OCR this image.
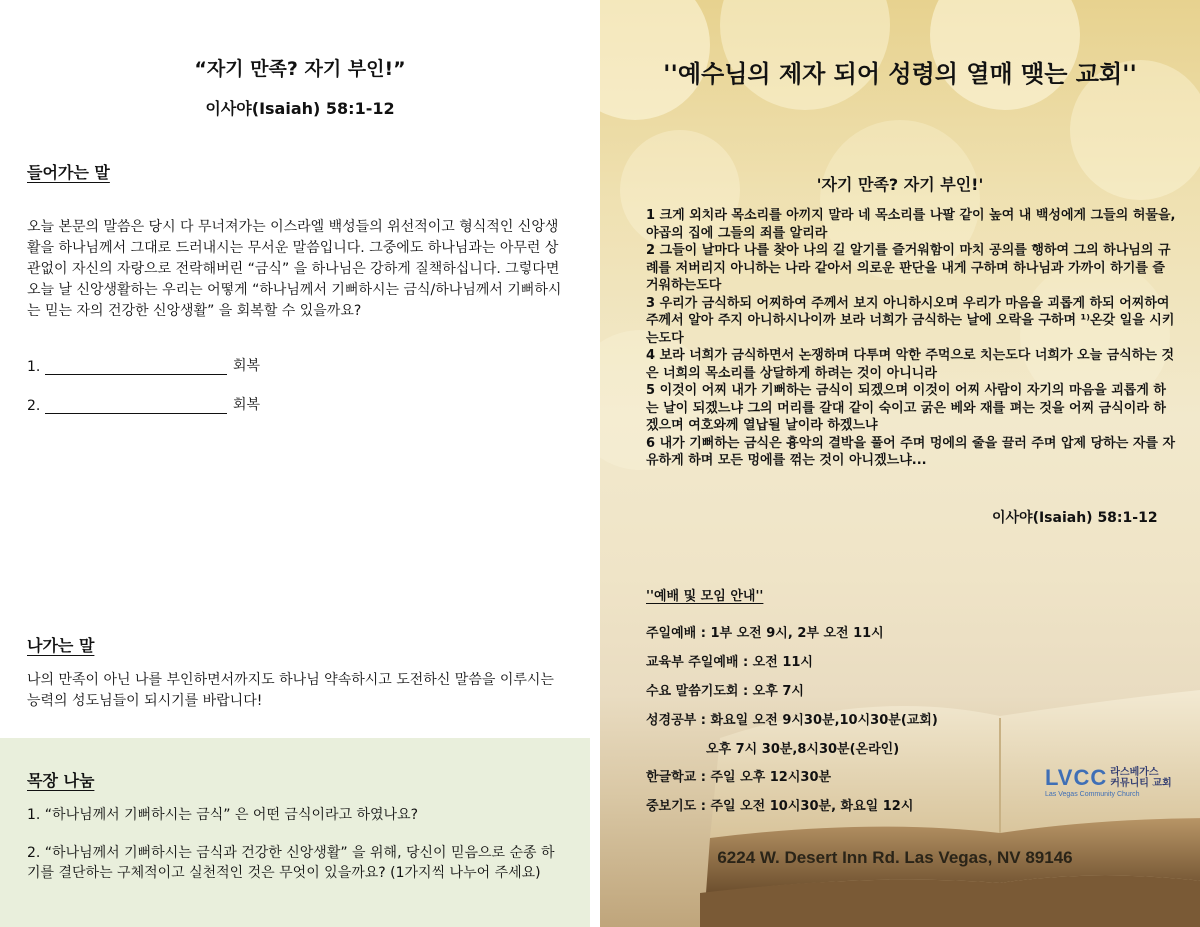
“자기 만족? 자기 부인!”
이사야(Isaiah) 58:1-12
들어가는 말
오늘 본문의 말씀은 당시 다 무너져가는 이스라엘 백성들의 위선적이고 형식적인 신앙생활을 하나님께서 그대로 드러내시는 무서운 말씀입니다. 그중에도 하나님과는 아무런 상관없이 자신의 자랑으로 전락해버린 “금식” 을 하나님은 강하게 질책하십니다. 그렇다면 오늘 날 신앙생활하는 우리는 어떻게 “하나님께서 기뻐하시는 금식/하나님께서 기뻐하시는 믿는 자의 건강한 신앙생활” 을 회복할 수 있을까요?
1.	회복
2.	회복
나가는 말
나의 만족이 아닌 나를 부인하면서까지도 하나님 약속하시고 도전하신 말씀을 이루시는 능력의 성도님들이 되시기를 바랍니다!
목장 나눔
1. “하나님께서 기뻐하시는 금식” 은 어떤 금식이라고 하였나요?
2. “하나님께서 기뻐하시는 금식과 건강한 신앙생활” 을 위해, 당신이 믿음으로 순종 하기를 결단하는 구체적이고 실천적인 것은 무엇이 있을까요? (1가지씩 나누어 주세요)
''예수님의 제자 되어 성령의 열매 맺는 교회''
'자기 만족? 자기 부인!'
1 크게 외치라 목소리를 아끼지 말라 네 목소리를 나팔 같이 높여 내 백성에게 그들의 허물을, 야곱의 집에 그들의 죄를 알리라
2 그들이 날마다 나를 찾아 나의 길 알기를 즐거워함이 마치 공의를 행하여 그의 하나님의 규례를 저버리지 아니하는 나라 같아서 의로운 판단을 내게 구하며 하나님과 가까이 하기를 즐거워하는도다
3 우리가 금식하되 어찌하여 주께서 보지 아니하시오며 우리가 마음을 괴롭게 하되 어찌하여 주께서 알아 주지 아니하시나이까 보라 너희가 금식하는 날에 오락을 구하며 ¹⁾온갖 일을 시키는도다
4 보라 너희가 금식하면서 논쟁하며 다투며 악한 주먹으로 치는도다 너희가 오늘 금식하는 것은 너희의 목소리를 상달하게 하려는 것이 아니니라
5 이것이 어찌 내가 기뻐하는 금식이 되겠으며 이것이 어찌 사람이 자기의 마음을 괴롭게 하는 날이 되겠느냐 그의 머리를 갈대 같이 숙이고 굵은 베와 재를 펴는 것을 어찌 금식이라 하겠으며 여호와께 열납될 날이라 하겠느냐
6 내가 기뻐하는 금식은 흉악의 결박을 풀어 주며 멍에의 줄을 끌러 주며 압제 당하는 자를 자유하게 하며 모든 멍에를 꺾는 것이 아니겠느냐...
이사야(Isaiah) 58:1-12
''예배 및 모임 안내''
주일예배 : 1부 오전 9시, 2부 오전 11시
교육부 주일예배 : 오전 11시
수요 말씀기도회 : 오후 7시
성경공부 : 화요일 오전 9시30분,10시30분(교회)
오후 7시 30분,8시30분(온라인)
한글학교 : 주일 오후 12시30분
중보기도 : 주일 오전 10시30분, 화요일 12시
LVCC 라스베가스
커뮤니티 교회
Las Vegas Community Church
6224 W. Desert Inn Rd. Las Vegas, NV 89146
